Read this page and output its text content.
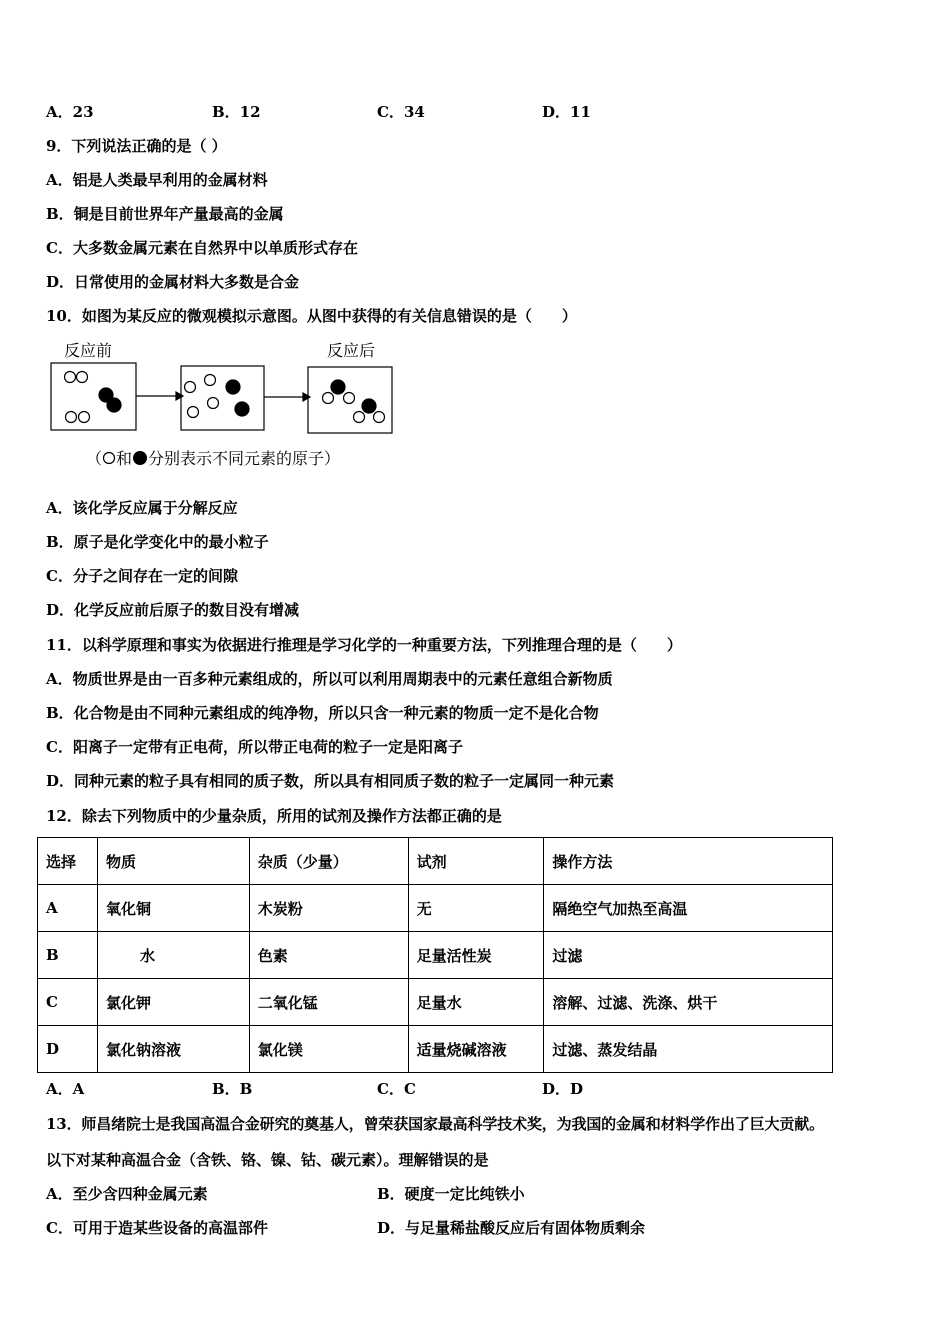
A．23	B．12	C．34	D．11
9．下列说法正确的是（ ）
A．铝是人类最早利用的金属材料
B．铜是目前世界年产量最高的金属
C．大多数金属元素在自然界中以单质形式存在
D．日常使用的金属材料大多数是合金
10．如图为某反应的微观模拟示意图。从图中获得的有关信息错误的是（　　）
反应前	反应后
（ 和 分别表示不同元素的原子）
A．该化学反应属于分解反应
B．原子是化学变化中的最小粒子
C．分子之间存在一定的间隙
D．化学反应前后原子的数目没有增减
11．以科学原理和事实为依据进行推理是学习化学的一种重要方法，下列推理合理的是（　　）
A．物质世界是由一百多种元素组成的，所以可以利用周期表中的元素任意组合新物质
B．化合物是由不同种元素组成的纯净物，所以只含一种元素的物质一定不是化合物
C．阳离子一定带有正电荷，所以带正电荷的粒子一定是阳离子
D．同种元素的粒子具有相同的质子数，所以具有相同质子数的粒子一定属同一种元素
12．除去下列物质中的少量杂质，所用的试剂及操作方法都正确的是
选择	物质	杂质（少量）	试剂	操作方法
A	氧化铜	木炭粉	无	隔绝空气加热至高温
B	水	色素	足量活性炭	过滤
C	氯化钾	二氧化锰	足量水	溶解、过滤、洗涤、烘干
D	氯化钠溶液	氯化镁	适量烧碱溶液	过滤、蒸发结晶
A．A	B．B	C．C	D．D
13．师昌绪院士是我国高温合金研究的奠基人，曾荣获国家最高科学技术奖，为我国的金属和材料学作出了巨大贡献。
以下对某种高温合金（含铁、铬、镍、钴、碳元素）。理解错误的是
A．至少含四种金属元素	B．硬度一定比纯铁小
C．可用于造某些设备的高温部件	D．与足量稀盐酸反应后有固体物质剩余
